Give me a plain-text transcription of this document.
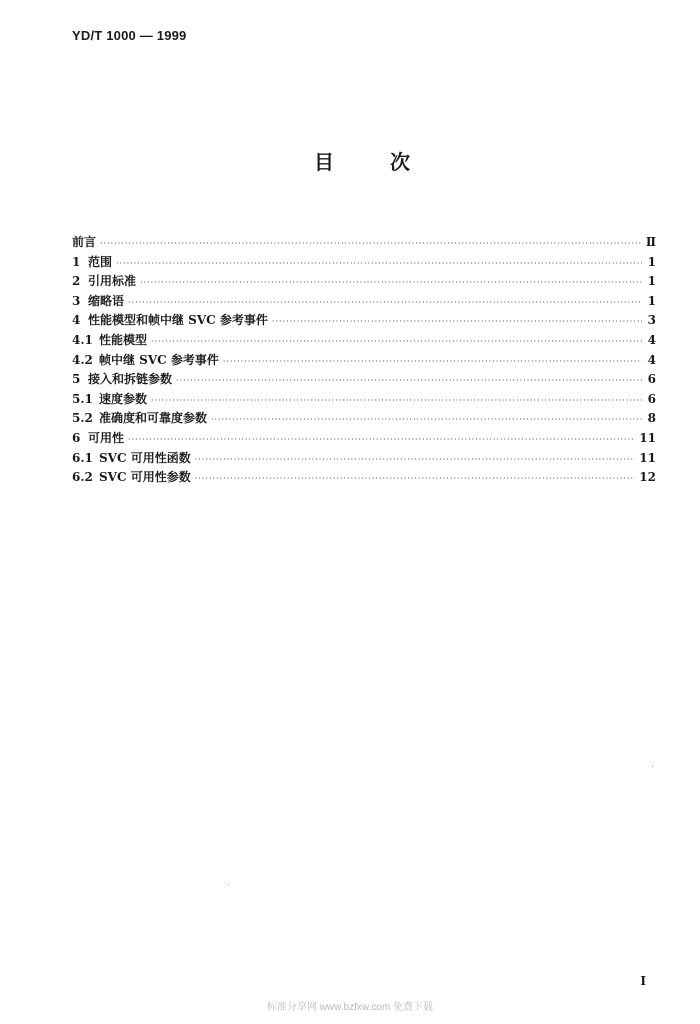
YD/T 1000 — 1999
目	次
前言 ·····	Ⅱ
1 范围 ·····	1
2 引用标准 ·····	1
3 缩略语 ·····	1
4 性能模型和帧中继 SVC 参考事件 ·····	3
4.1 性能模型 ·····	4
4.2 帧中继 SVC 参考事件 ·····	4
5 接入和拆链参数 ·····	6
5.1 速度参数 ·····	6
5.2 准确度和可靠度参数 ·····	8
6 可用性 ·····	11
6.1 SVC 可用性函数 ·····	11
6.2 SVC 可用性参数 ·····	12
I
标准分享网 www.bzfxw.com 免费下载
